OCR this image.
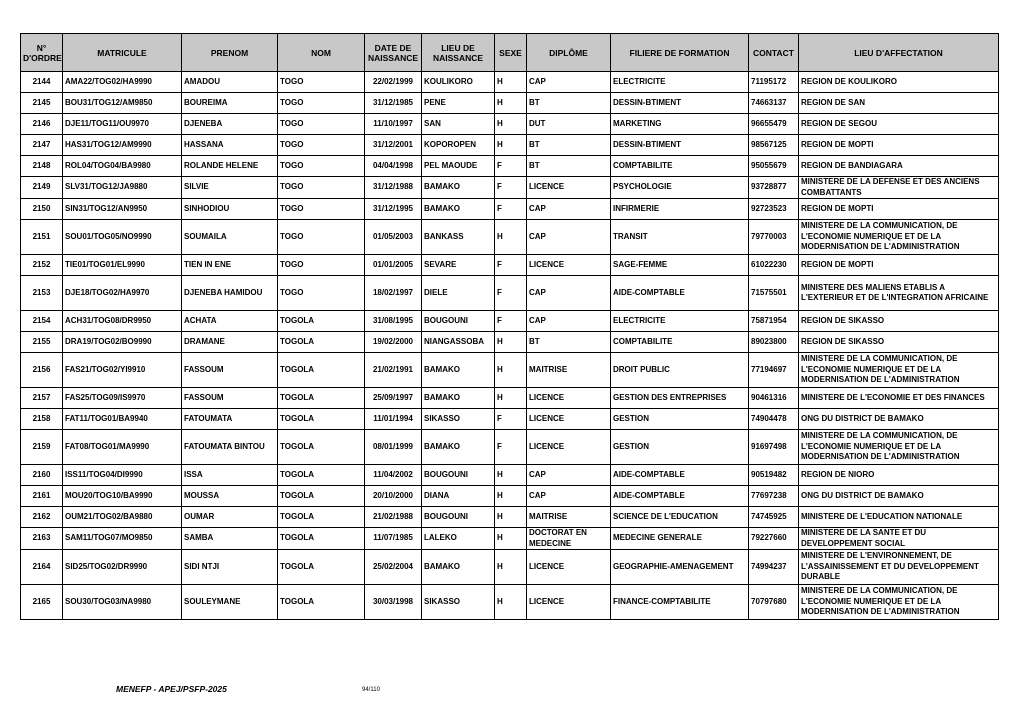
N° D'ORDRE	MATRICULE	PRENOM	NOM	DATE DE NAISSANCE	LIEU DE NAISSANCE	SEXE	DIPLÔME	FILIERE DE FORMATION	CONTACT	LIEU D'AFFECTATION
2144	AMA22/TOG02/HA9990	AMADOU	TOGO	22/02/1999	KOULIKORO	H	CAP	ELECTRICITE	71195172	REGION DE KOULIKORO
2145	BOU31/TOG12/AM9850	BOUREIMA	TOGO	31/12/1985	PENE	H	BT	DESSIN-BTIMENT	74663137	REGION DE SAN
2146	DJE11/TOG11/OU9970	DJENEBA	TOGO	11/10/1997	SAN	H	DUT	MARKETING	96655479	REGION DE SEGOU
2147	HAS31/TOG12/AM9990	HASSANA	TOGO	31/12/2001	KOPOROPEN	H	BT	DESSIN-BTIMENT	98567125	REGION DE MOPTI
2148	ROL04/TOG04/BA9980	ROLANDE HELENE	TOGO	04/04/1998	PEL MAOUDE	F	BT	COMPTABILITE	95055679	REGION DE BANDIAGARA
2149	SLV31/TOG12/JA9880	SILVIE	TOGO	31/12/1988	BAMAKO	F	LICENCE	PSYCHOLOGIE	93728877	MINISTERE DE LA DEFENSE ET DES ANCIENS COMBATTANTS
2150	SIN31/TOG12/AN9950	SINHODIOU	TOGO	31/12/1995	BAMAKO	F	CAP	INFIRMERIE	92723523	REGION DE MOPTI
2151	SOU01/TOG05/NO9990	SOUMAILA	TOGO	01/05/2003	BANKASS	H	CAP	TRANSIT	79770003	MINISTERE DE LA COMMUNICATION, DE L'ECONOMIE NUMERIQUE ET DE LA MODERNISATION DE L'ADMINISTRATION
2152	TIE01/TOG01/EL9990	TIEN IN ENE	TOGO	01/01/2005	SEVARE	F	LICENCE	SAGE-FEMME	61022230	REGION DE MOPTI
2153	DJE18/TOG02/HA9970	DJENEBA HAMIDOU	TOGO	18/02/1997	DIELE	F	CAP	AIDE-COMPTABLE	71575501	MINISTERE DES MALIENS ETABLIS A L'EXTERIEUR ET DE L'INTEGRATION AFRICAINE
2154	ACH31/TOG08/DR9950	ACHATA	TOGOLA	31/08/1995	BOUGOUNI	F	CAP	ELECTRICITE	75871954	REGION DE SIKASSO
2155	DRA19/TOG02/BO9990	DRAMANE	TOGOLA	19/02/2000	NIANGASSOBA	H	BT	COMPTABILITE	89023800	REGION DE SIKASSO
2156	FAS21/TOG02/YI9910	FASSOUM	TOGOLA	21/02/1991	BAMAKO	H	MAITRISE	DROIT PUBLIC	77194697	MINISTERE DE LA COMMUNICATION, DE L'ECONOMIE NUMERIQUE ET DE LA MODERNISATION DE L'ADMINISTRATION
2157	FAS25/TOG09/IS9970	FASSOUM	TOGOLA	25/09/1997	BAMAKO	H	LICENCE	GESTION DES ENTREPRISES	90461316	MINISTERE DE L'ECONOMIE ET DES FINANCES
2158	FAT11/TOG01/BA9940	FATOUMATA	TOGOLA	11/01/1994	SIKASSO	F	LICENCE	GESTION	74904478	ONG DU DISTRICT DE BAMAKO
2159	FAT08/TOG01/MA9990	FATOUMATA BINTOU	TOGOLA	08/01/1999	BAMAKO	F	LICENCE	GESTION	91697498	MINISTERE DE LA COMMUNICATION, DE L'ECONOMIE NUMERIQUE ET DE LA MODERNISATION DE L'ADMINISTRATION
2160	ISS11/TOG04/DI9990	ISSA	TOGOLA	11/04/2002	BOUGOUNI	H	CAP	AIDE-COMPTABLE	90519482	REGION DE NIORO
2161	MOU20/TOG10/BA9990	MOUSSA	TOGOLA	20/10/2000	DIANA	H	CAP	AIDE-COMPTABLE	77697238	ONG DU DISTRICT DE BAMAKO
2162	OUM21/TOG02/BA9880	OUMAR	TOGOLA	21/02/1988	BOUGOUNI	H	MAITRISE	SCIENCE DE L'EDUCATION	74745925	MINISTERE DE L'EDUCATION NATIONALE
2163	SAM11/TOG07/MO9850	SAMBA	TOGOLA	11/07/1985	LALEKO	H	DOCTORAT EN MEDECINE	MEDECINE GENERALE	79227660	MINISTERE DE LA SANTE ET DU DEVELOPPEMENT SOCIAL
2164	SID25/TOG02/DR9990	SIDI NTJI	TOGOLA	25/02/2004	BAMAKO	H	LICENCE	GEOGRAPHIE-AMENAGEMENT	74994237	MINISTERE DE L'ENVIRONNEMENT, DE L'ASSAINISSEMENT ET DU DEVELOPPEMENT DURABLE
2165	SOU30/TOG03/NA9980	SOULEYMANE	TOGOLA	30/03/1998	SIKASSO	H	LICENCE	FINANCE-COMPTABILITE	70797680	MINISTERE DE LA COMMUNICATION, DE L'ECONOMIE NUMERIQUE ET DE LA MODERNISATION DE L'ADMINISTRATION
MENEFP - APEJ/PSFP-2025	94/110
